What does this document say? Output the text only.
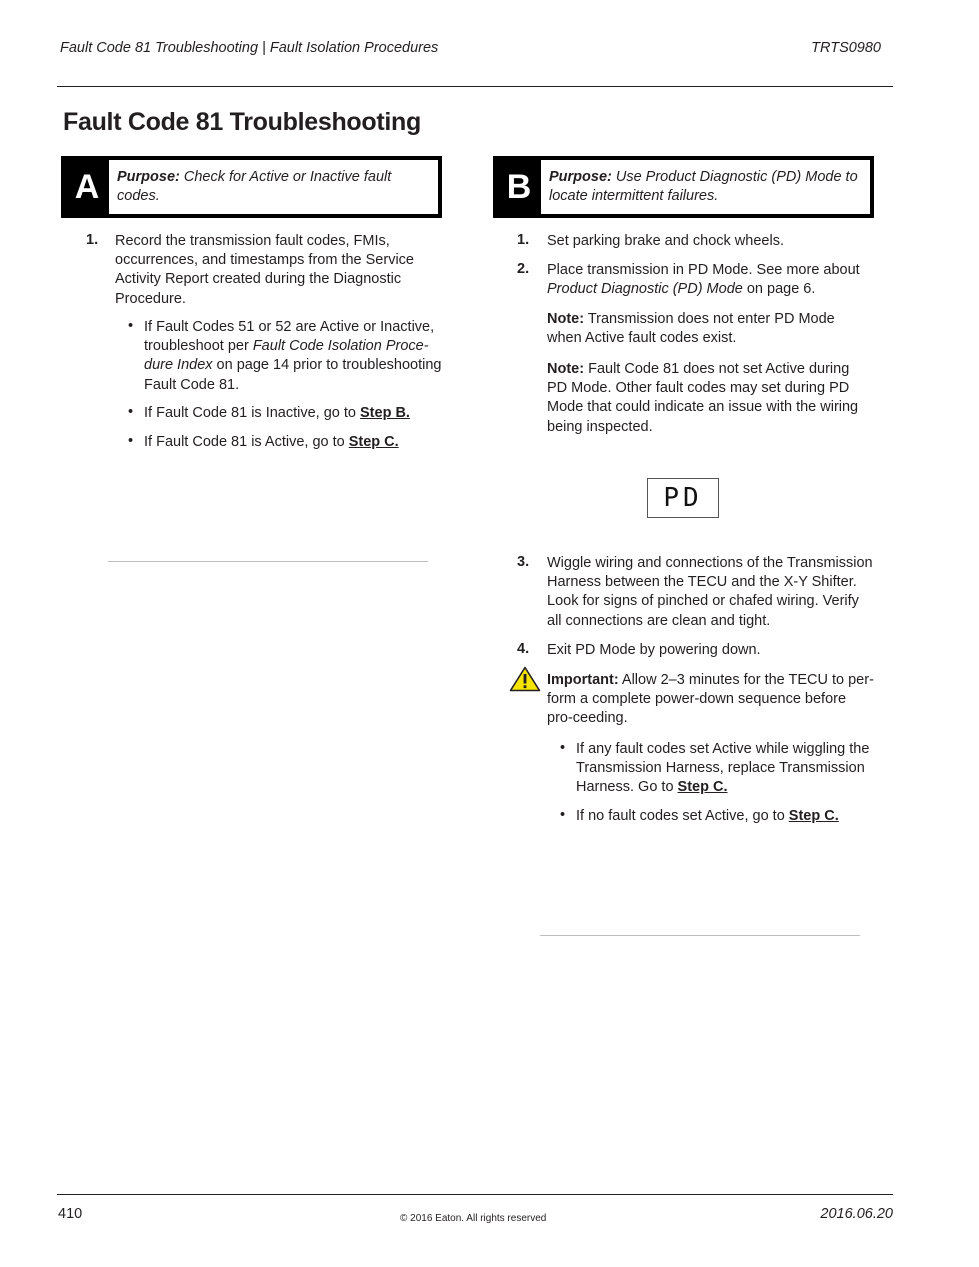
Fault Code 81 Troubleshooting | Fault Isolation Procedures	TRTS0980
Fault Code 81 Troubleshooting
A	Purpose: Check for Active or Inactive fault codes.
1. Record the transmission fault codes, FMIs, occurrences, and timestamps from the Service Activity Report created during the Diagnostic Procedure.
• If Fault Codes 51 or 52 are Active or Inactive, troubleshoot per Fault Code Isolation Proce-dure Index on page 14 prior to troubleshooting Fault Code 81.
• If Fault Code 81 is Inactive, go to Step B.
• If Fault Code 81 is Active, go to Step C.
B	Purpose: Use Product Diagnostic (PD) Mode to locate intermittent failures.
1. Set parking brake and chock wheels.
2. Place transmission in PD Mode. See more about Product Diagnostic (PD) Mode on page 6.
Note: Transmission does not enter PD Mode when Active fault codes exist.
Note: Fault Code 81 does not set Active during PD Mode. Other fault codes may set during PD Mode that could indicate an issue with the wiring being inspected.
PD
3. Wiggle wiring and connections of the Transmission Harness between the TECU and the X-Y Shifter. Look for signs of pinched or chafed wiring. Verify all connections are clean and tight.
4. Exit PD Mode by powering down.
Important: Allow 2–3 minutes for the TECU to per-form a complete power-down sequence before pro-ceeding.
• If any fault codes set Active while wiggling the Transmission Harness, replace Transmission Harness. Go to Step C.
• If no fault codes set Active, go to Step C.
410	© 2016 Eaton. All rights reserved	2016.06.20
